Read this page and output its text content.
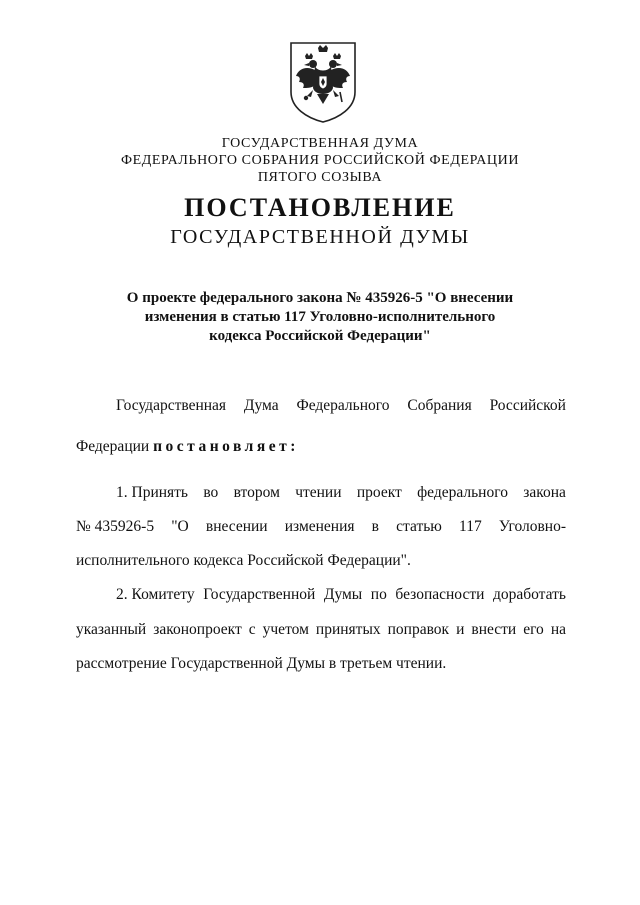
ГОСУДАРСТВЕННАЯ ДУМА
ФЕДЕРАЛЬНОГО СОБРАНИЯ РОССИЙСКОЙ ФЕДЕРАЦИИ
ПЯТОГО СОЗЫВА
ПОСТАНОВЛЕНИЕ
ГОСУДАРСТВЕННОЙ ДУМЫ
О проекте федерального закона № 435926-5 "О внесении
изменения в статью 117 Уголовно-исполнительного
кодекса Российской Федерации"
Государственная Дума Федерального Собрания Российской
Федерации постановляет:
1. Принять во втором чтении проект федерального закона
№ 435926-5 "О внесении изменения в статью 117 Уголовно-
исполнительного кодекса Российской Федерации".
2. Комитету Государственной Думы по безопасности доработать
указанный законопроект с учетом принятых поправок и внести его на
рассмотрение Государственной Думы в третьем чтении.
